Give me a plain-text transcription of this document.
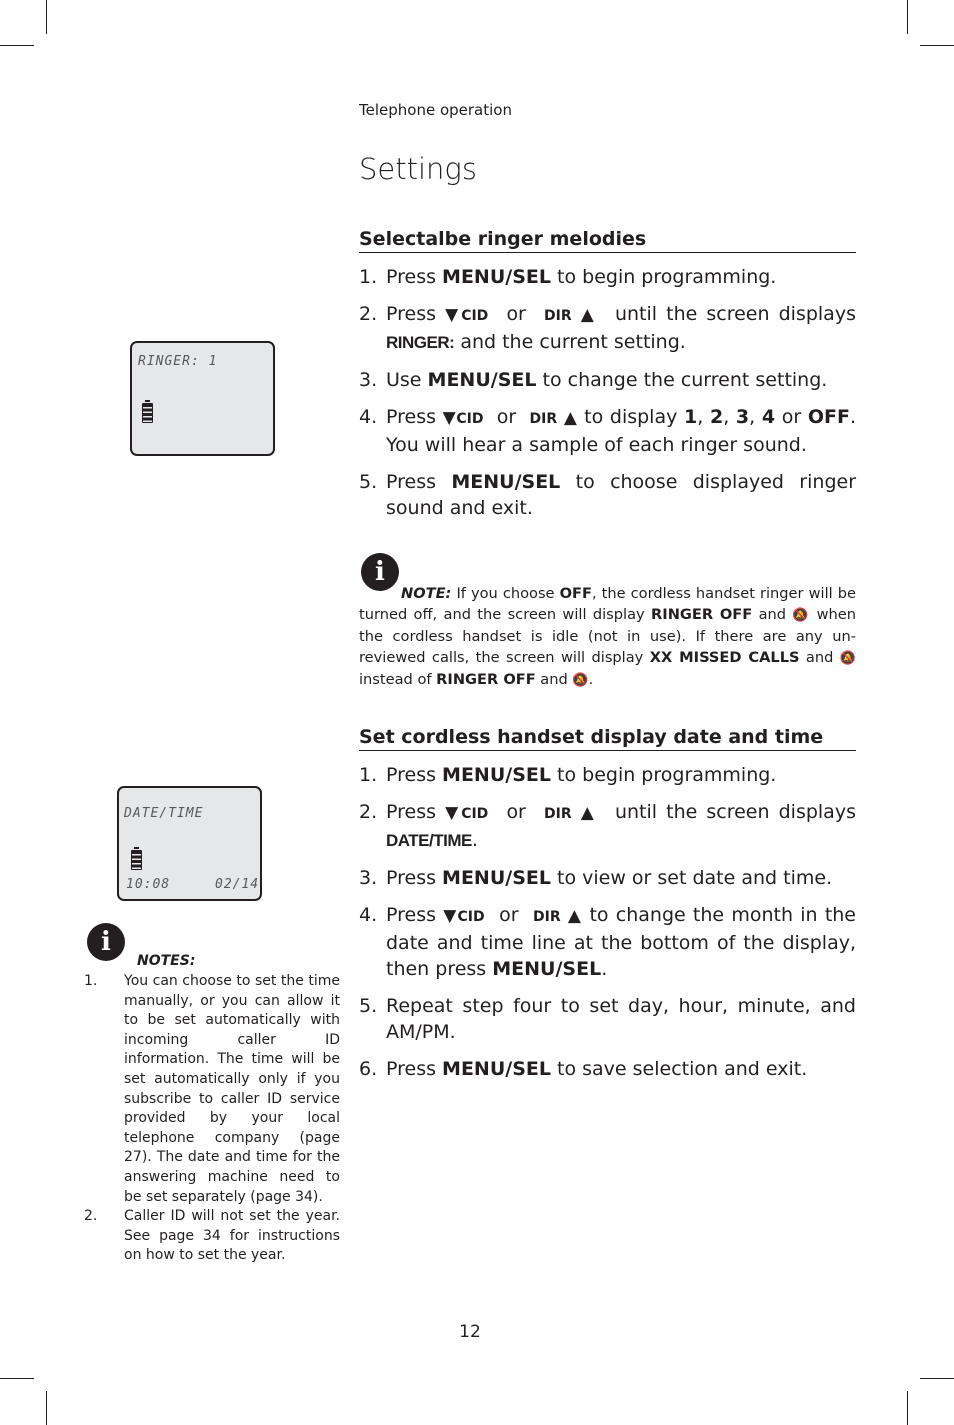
Telephone operation
Settings
Selectalbe ringer melodies
1. Press MENU/SEL to begin programming.
2. Press ▼CID or DIR ▲ until the screen displays RINGER: and the current setting.
3. Use MENU/SEL to change the current setting.
4. Press ▼CID or DIR ▲ to display 1, 2, 3, 4 or OFF. You will hear a sample of each ringer sound.
5. Press MENU/SEL to choose displayed ringer sound and exit.
RINGER: 1
i
NOTE: If you choose OFF, the cordless handset ringer will be turned off, and the screen will display RINGER OFF and 🔕 when the cordless handset is idle (not in use). If there are any un-reviewed calls, the screen will display XX MISSED CALLS and 🔕 instead of RINGER OFF and 🔕.
Set cordless handset display date and time
1. Press MENU/SEL to begin programming.
2. Press ▼CID or DIR ▲ until the screen displays DATE/TIME.
3. Press MENU/SEL to view or set date and time.
4. Press ▼CID or DIR ▲ to change the month in the date and time line at the bottom of the display, then press MENU/SEL.
5. Repeat step four to set day, hour, minute, and AM/PM.
6. Press MENU/SEL to save selection and exit.
DATE/TIME
10:08	02/14
i
NOTES:
1. You can choose to set the time manually, or you can allow it to be set automatically with incoming caller ID information. The time will be set automatically only if you subscribe to caller ID service provided by your local telephone company (page 27). The date and time for the answering machine need to be set separately (page 34).
2. Caller ID will not set the year. See page 34 for instructions on how to set the year.
12
